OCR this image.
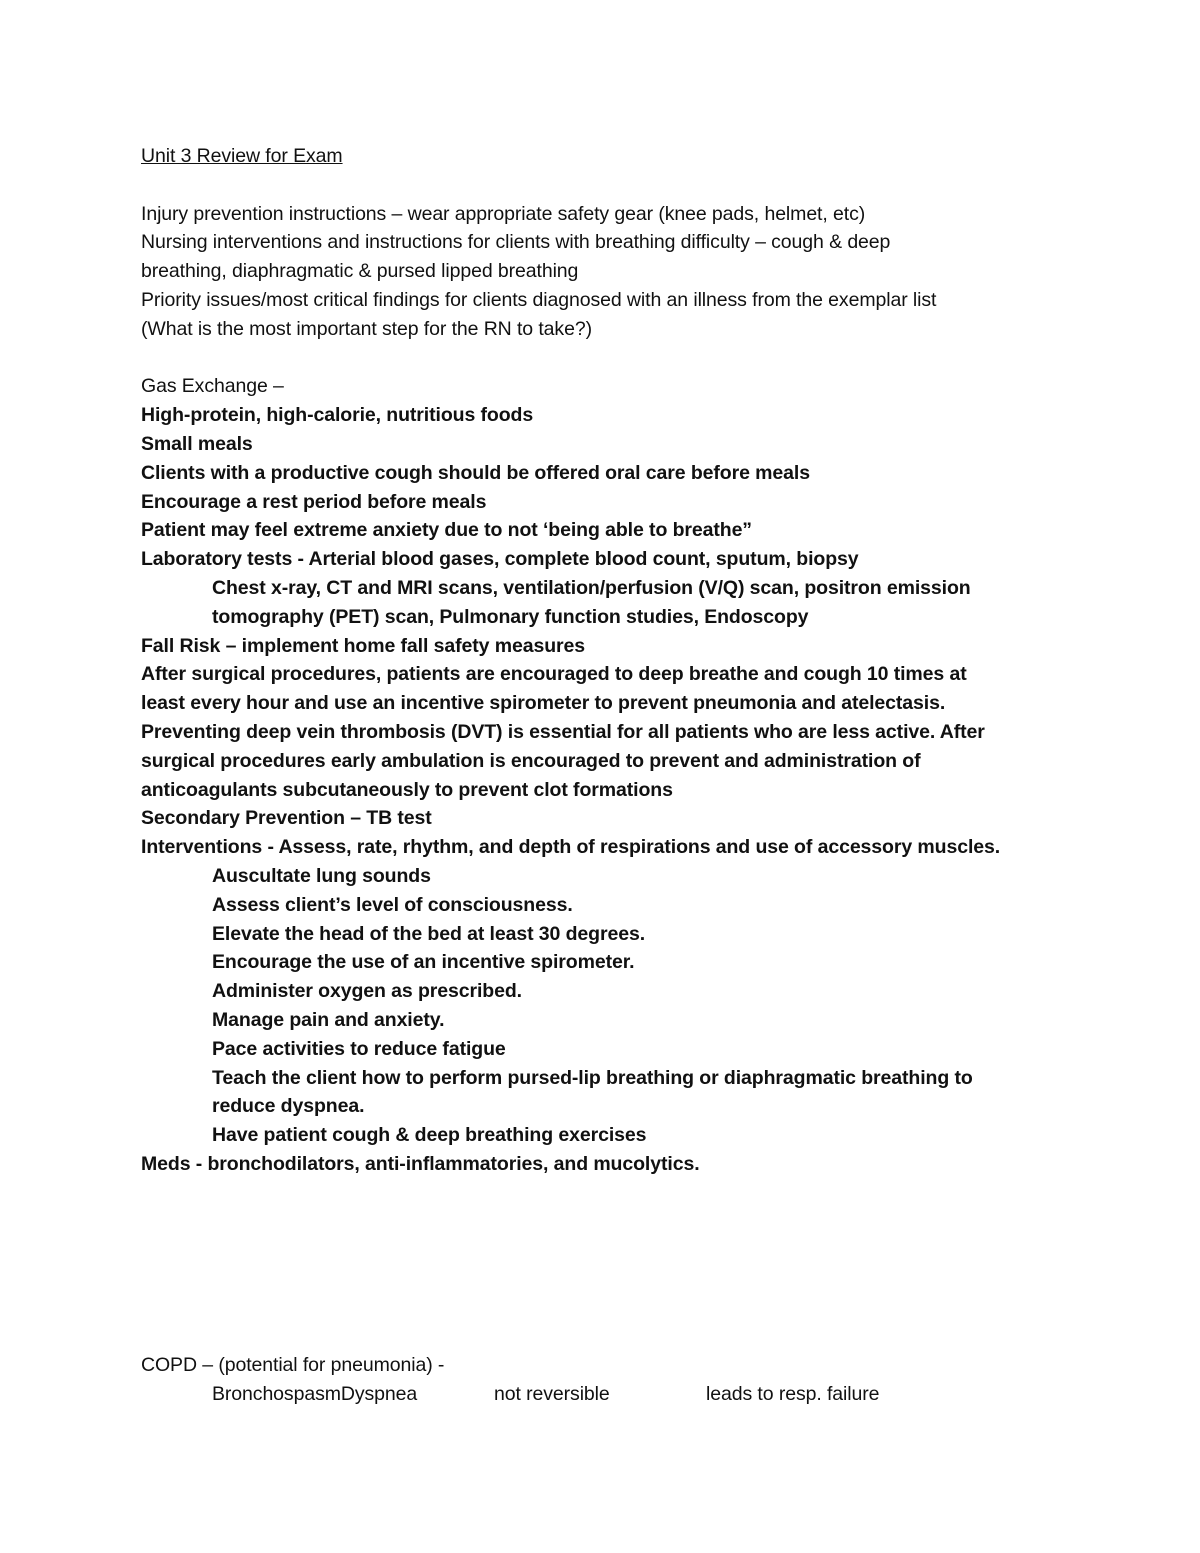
Unit 3 Review for Exam
Injury prevention instructions – wear appropriate safety gear (knee pads, helmet, etc)
Nursing interventions and instructions for clients with breathing difficulty – cough & deep
breathing, diaphragmatic & pursed lipped breathing
Priority issues/most critical findings for clients diagnosed with an illness from the exemplar list
(What is the most important step for the RN to take?)
Gas Exchange –
High-protein, high-calorie, nutritious foods
Small meals
Clients with a productive cough should be offered oral care before meals
Encourage a rest period before meals
Patient may feel extreme anxiety due to not ‘being able to breathe”
Laboratory tests - Arterial blood gases, complete blood count, sputum, biopsy
Chest x-ray, CT and MRI scans, ventilation/perfusion (V/Q) scan, positron emission
tomography (PET) scan, Pulmonary function studies, Endoscopy
Fall Risk – implement home fall safety measures
After surgical procedures, patients are encouraged to deep breathe and cough 10 times at
least every hour and use an incentive spirometer to prevent pneumonia and atelectasis.
Preventing deep vein thrombosis (DVT) is essential for all patients who are less active. After
surgical procedures early ambulation is encouraged to prevent and administration of
anticoagulants subcutaneously to prevent clot formations
Secondary Prevention – TB test
Interventions - Assess, rate, rhythm, and depth of respirations and use of accessory muscles.
Auscultate lung sounds
Assess client’s level of consciousness.
Elevate the head of the bed at least 30 degrees.
Encourage the use of an incentive spirometer.
Administer oxygen as prescribed.
Manage pain and anxiety.
Pace activities to reduce fatigue
Teach the client how to perform pursed-lip breathing or diaphragmatic breathing to
reduce dyspnea.
Have patient cough & deep breathing exercises
Meds - bronchodilators, anti-inflammatories, and mucolytics.
COPD – (potential for pneumonia) -
BronchospasmDyspnea	not reversible	leads to resp. failure
